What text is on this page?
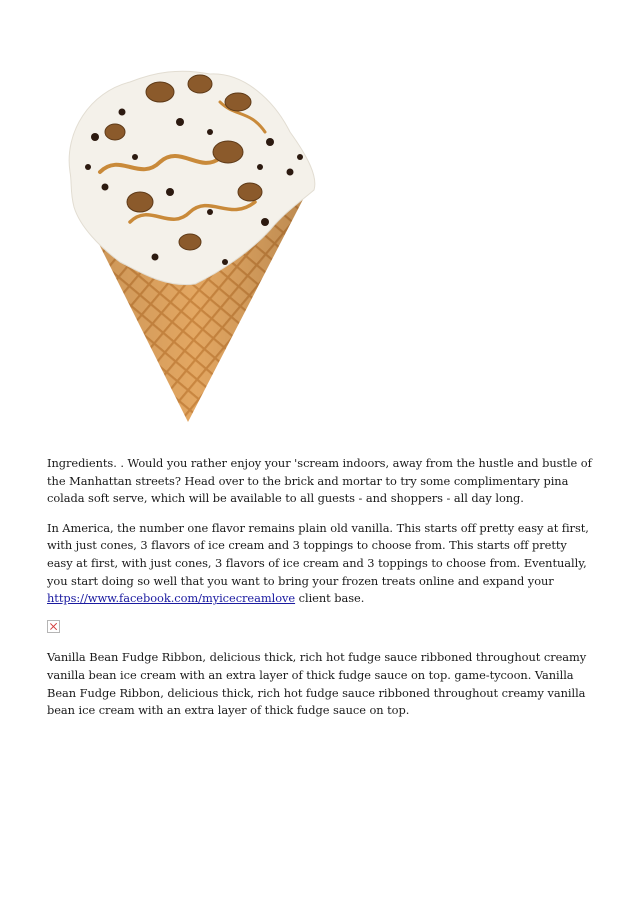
Ingredients. . Would you rather enjoy your 'scream indoors, away from the hustle and bustle of the Manhattan streets? Head over to the brick and mortar to try some complimentary pina colada soft serve, which will be available to all guests - and shoppers - all day long.

In America, the number one flavor remains plain old vanilla. This starts off pretty easy at first, with just cones, 3 flavors of ice cream and 3 toppings to choose from. This starts off pretty easy at first, with just cones, 3 flavors of ice cream and 3 toppings to choose from. Eventually, you start doing so well that you want to bring your frozen treats online and expand your https://www.facebook.com/myicecreamlove client base.

Vanilla Bean Fudge Ribbon, delicious thick, rich hot fudge sauce ribboned throughout creamy vanilla bean ice cream with an extra layer of thick fudge sauce on top. game-tycoon. Vanilla Bean Fudge Ribbon, delicious thick, rich hot fudge sauce ribboned throughout creamy vanilla bean ice cream with an extra layer of thick fudge sauce on top.
